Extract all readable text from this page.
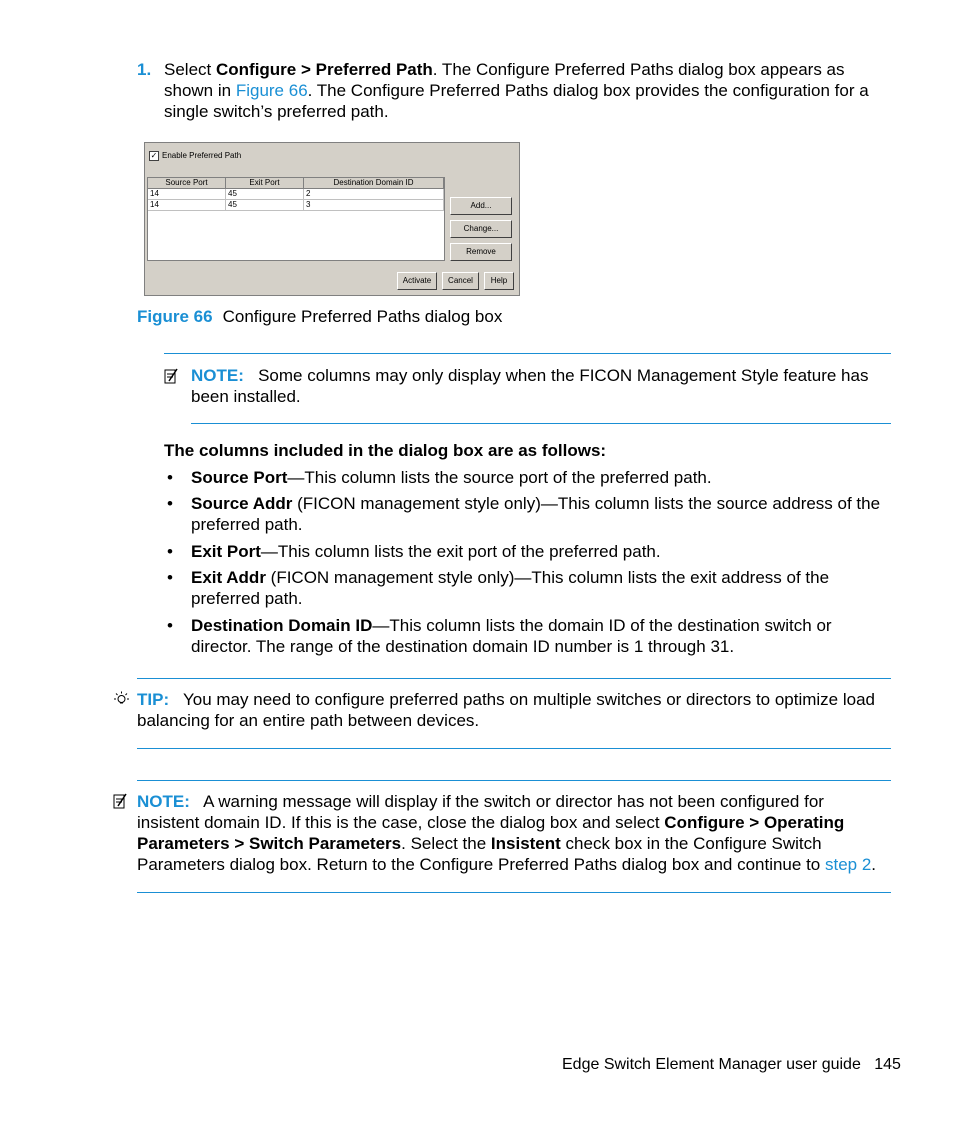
1. Select Configure > Preferred Path. The Configure Preferred Paths dialog box appears as shown in Figure 66. The Configure Preferred Paths dialog box provides the configuration for a single switch’s preferred path.
✓ Enable Preferred Path
Source Port	Exit Port	Destination Domain ID
14	45	2
14	45	3	Add...
Change...
Remove
Activate	Cancel	Help
Figure 66 Configure Preferred Paths dialog box
NOTE: Some columns may only display when the FICON Management Style feature has been installed.
The columns included in the dialog box are as follows:
• Source Port—This column lists the source port of the preferred path.
• Source Addr (FICON management style only)—This column lists the source address of the preferred path.
• Exit Port—This column lists the exit port of the preferred path.
• Exit Addr (FICON management style only)—This column lists the exit address of the preferred path.
• Destination Domain ID—This column lists the domain ID of the destination switch or director. The range of the destination domain ID number is 1 through 31.
TIP: You may need to configure preferred paths on multiple switches or directors to optimize load balancing for an entire path between devices.
NOTE: A warning message will display if the switch or director has not been configured for insistent domain ID. If this is the case, close the dialog box and select Configure > Operating Parameters > Switch Parameters. Select the Insistent check box in the Configure Switch Parameters dialog box. Return to the Configure Preferred Paths dialog box and continue to step 2.
Edge Switch Element Manager user guide 145
